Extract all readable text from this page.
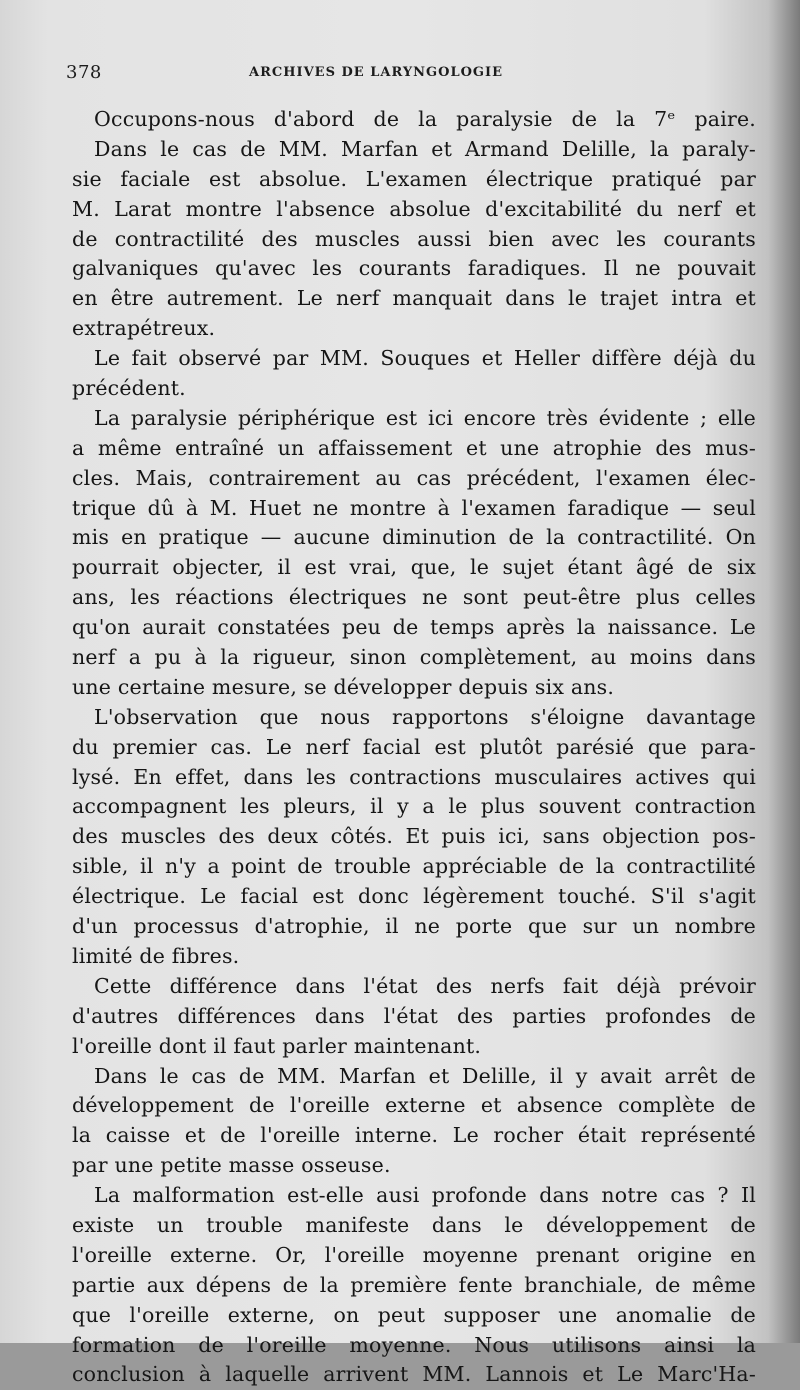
378	ARCHIVES DE LARYNGOLOGIE
Occupons-nous d'abord de la paralysie de la 7ᵉ paire.
Dans le cas de MM. Marfan et Armand Delille, la paraly-
sie faciale est absolue. L'examen électrique pratiqué par
M. Larat montre l'absence absolue d'excitabilité du nerf et
de contractilité des muscles aussi bien avec les courants
galvaniques qu'avec les courants faradiques. Il ne pouvait
en être autrement. Le nerf manquait dans le trajet intra et
extrapétreux.
Le fait observé par MM. Souques et Heller diffère déjà du
précédent.
La paralysie périphérique est ici encore très évidente ; elle
a même entraîné un affaissement et une atrophie des mus-
cles. Mais, contrairement au cas précédent, l'examen élec-
trique dû à M. Huet ne montre à l'examen faradique — seul
mis en pratique — aucune diminution de la contractilité. On
pourrait objecter, il est vrai, que, le sujet étant âgé de six
ans, les réactions électriques ne sont peut-être plus celles
qu'on aurait constatées peu de temps après la naissance. Le
nerf a pu à la rigueur, sinon complètement, au moins dans
une certaine mesure, se développer depuis six ans.
L'observation que nous rapportons s'éloigne davantage
du premier cas. Le nerf facial est plutôt parésié que para-
lysé. En effet, dans les contractions musculaires actives qui
accompagnent les pleurs, il y a le plus souvent contraction
des muscles des deux côtés. Et puis ici, sans objection pos-
sible, il n'y a point de trouble appréciable de la contractilité
électrique. Le facial est donc légèrement touché. S'il s'agit
d'un processus d'atrophie, il ne porte que sur un nombre
limité de fibres.
Cette différence dans l'état des nerfs fait déjà prévoir
d'autres différences dans l'état des parties profondes de
l'oreille dont il faut parler maintenant.
Dans le cas de MM. Marfan et Delille, il y avait arrêt de
développement de l'oreille externe et absence complète de
la caisse et de l'oreille interne. Le rocher était représenté
par une petite masse osseuse.
La malformation est-elle ausi profonde dans notre cas ? Il
existe un trouble manifeste dans le développement de
l'oreille externe. Or, l'oreille moyenne prenant origine en
partie aux dépens de la première fente branchiale, de même
que l'oreille externe, on peut supposer une anomalie de
formation de l'oreille moyenne. Nous utilisons ainsi la
conclusion à laquelle arrivent MM. Lannois et Le Marc'Ha-
